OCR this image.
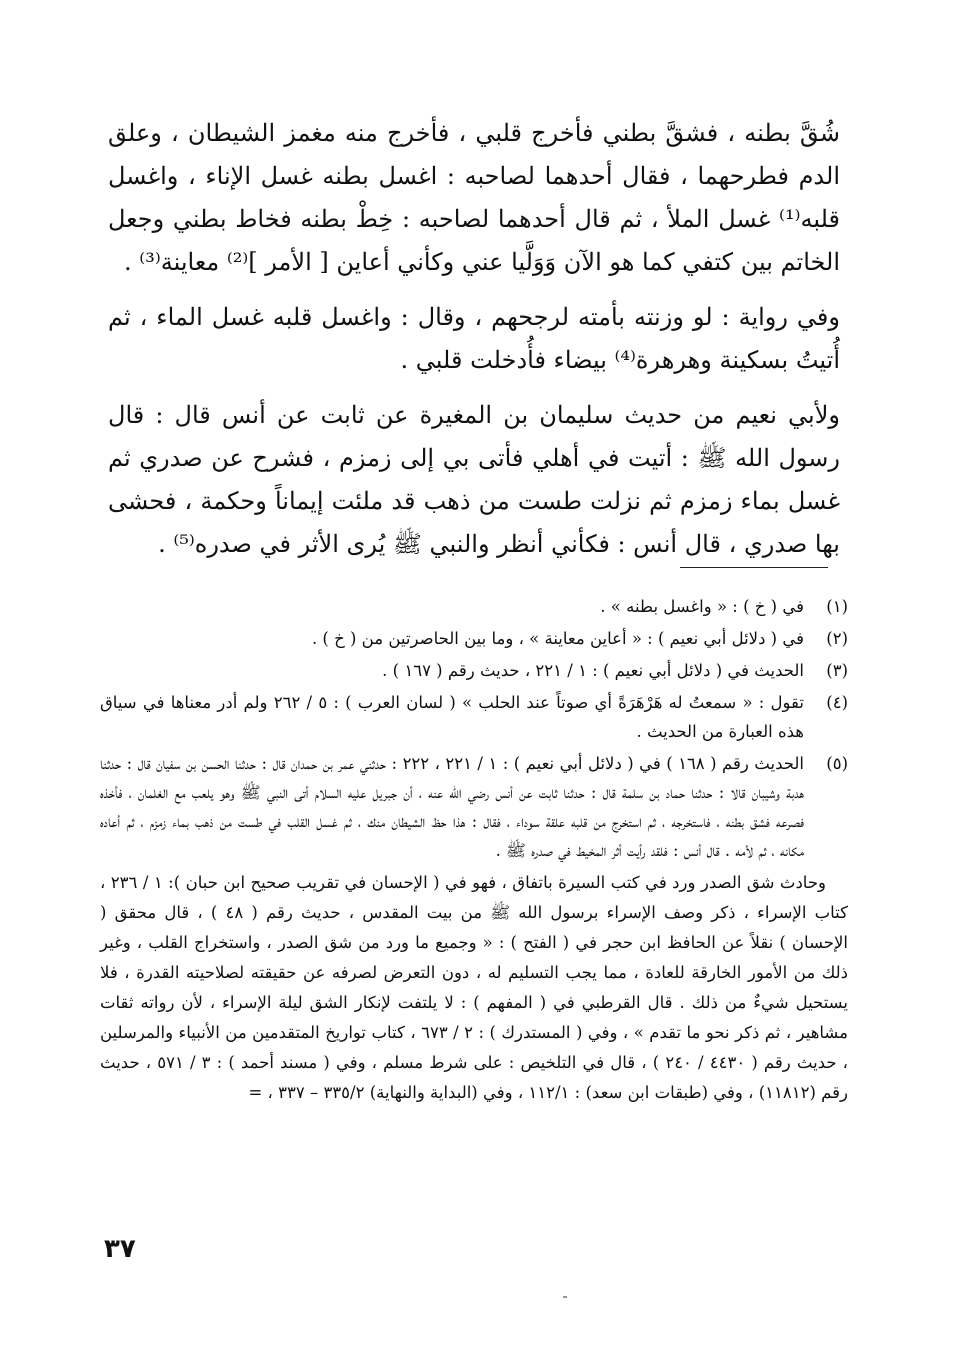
شُقَّ بطنه ، فشقَّ بطني فأخرج قلبي ، فأخرج منه مغمز الشيطان ، وعلق الدم فطرحهما ، فقال أحدهما لصاحبه : اغسل بطنه غسل الإناء ، واغسل قلبه⁽¹⁾ غسل الملأ ، ثم قال أحدهما لصاحبه : خِطْ بطنه فخاط بطني وجعل الخاتم بين كتفي كما هو الآن وَوَلَّيا عني وكأني أعاين [ الأمر ]⁽²⁾ معاينة⁽³⁾ .

وفي رواية : لو وزنته بأمته لرجحهم ، وقال : واغسل قلبه غسل الماء ، ثم أُتيتُ بسكينة وهرهرة⁽⁴⁾ بيضاء فأُدخلت قلبي .

ولأبي نعيم من حديث سليمان بن المغيرة عن ثابت عن أنس قال : قال رسول الله ﷺ : أتيت في أهلي فأتى بي إلى زمزم ، فشرح عن صدري ثم غسل بماء زمزم ثم نزلت طست من ذهب قد ملئت إيماناً وحكمة ، فحشى بها صدري ، قال أنس : فكأني أنظر والنبي ﷺ يُرى الأثر في صدره⁽⁵⁾ .

(١)
في ( خ ) : « واغسل بطنه » .
(٢)
في ( دلائل أبي نعيم ) : « أعاين معاينة » ، وما بين الحاصرتين من ( خ ) .
(٣)
الحديث في ( دلائل أبي نعيم ) : ١ / ٢٢١ ، حديث رقم ( ١٦٧ ) .
(٤)
تقول : « سمعتُ له هَرْهَرَةً أي صوتاً عند الحلب » ( لسان العرب ) : ٥ / ٢٦٢ ولم أدر معناها في سياق هذه العبارة من الحديث .
(٥)
الحديث رقم ( ١٦٨ ) في ( دلائل أبي نعيم ) : ١ / ٢٢١ ، ٢٢٢ : حدثني عمر بن حمدان قال : حدثنا الحسن بن سفيان قال : حدثنا هدبة وشيبان قالا : حدثنا حماد بن سلمة قال : حدثنا ثابت عن أنس رضي الله عنه ، أن جبريل عليه السلام أتى النبي ﷺ وهو يلعب مع الغلمان ، فأخذه فصرعه فشق بطنه ، فاستخرجه ، ثم استخرج من قلبه علقة سوداء ، فقال : هذا حظ الشيطان منك ، ثم غسل القلب في طست من ذهب بماء زمزم ، ثم أعاده مكانه ، ثم لأمه . قال أنس : فلقد رأيت أثر المخيط في صدره ﷺ .

وحادث شق الصدر ورد في كتب السيرة باتفاق ، فهو في ( الإحسان في تقريب صحيح ابن حبان ): ١ / ٢٣٦ ، كتاب الإسراء ، ذكر وصف الإسراء برسول الله ﷺ من بيت المقدس ، حديث رقم ( ٤٨ ) ، قال محقق ( الإحسان ) نقلاً عن الحافظ ابن حجر في ( الفتح ) : « وجميع ما ورد من شق الصدر ، واستخراج القلب ، وغير ذلك من الأمور الخارقة للعادة ، مما يجب التسليم له ، دون التعرض لصرفه عن حقيقته لصلاحيته القدرة ، فلا يستحيل شيءٌ من ذلك . قال القرطبي في ( المفهم ) : لا يلتفت لإنكار الشق ليلة الإسراء ، لأن رواته ثقات مشاهير ، ثم ذكر نحو ما تقدم » ، وفي ( المستدرك ) : ٢ / ٦٧٣ ، كتاب تواريخ المتقدمين من الأنبياء والمرسلين ، حديث رقم ( ٤٤٣٠ / ٢٤٠ ) ، قال في التلخيص : على شرط مسلم ، وفي ( مسند أحمد ) : ٣ / ٥٧١ ، حديث رقم (١١٨١٢) ، وفي (طبقات ابن سعد) : ١١٢/١ ، وفي (البداية والنهاية) ٣٣٥/٢ – ٣٣٧ ، =

٣٧
